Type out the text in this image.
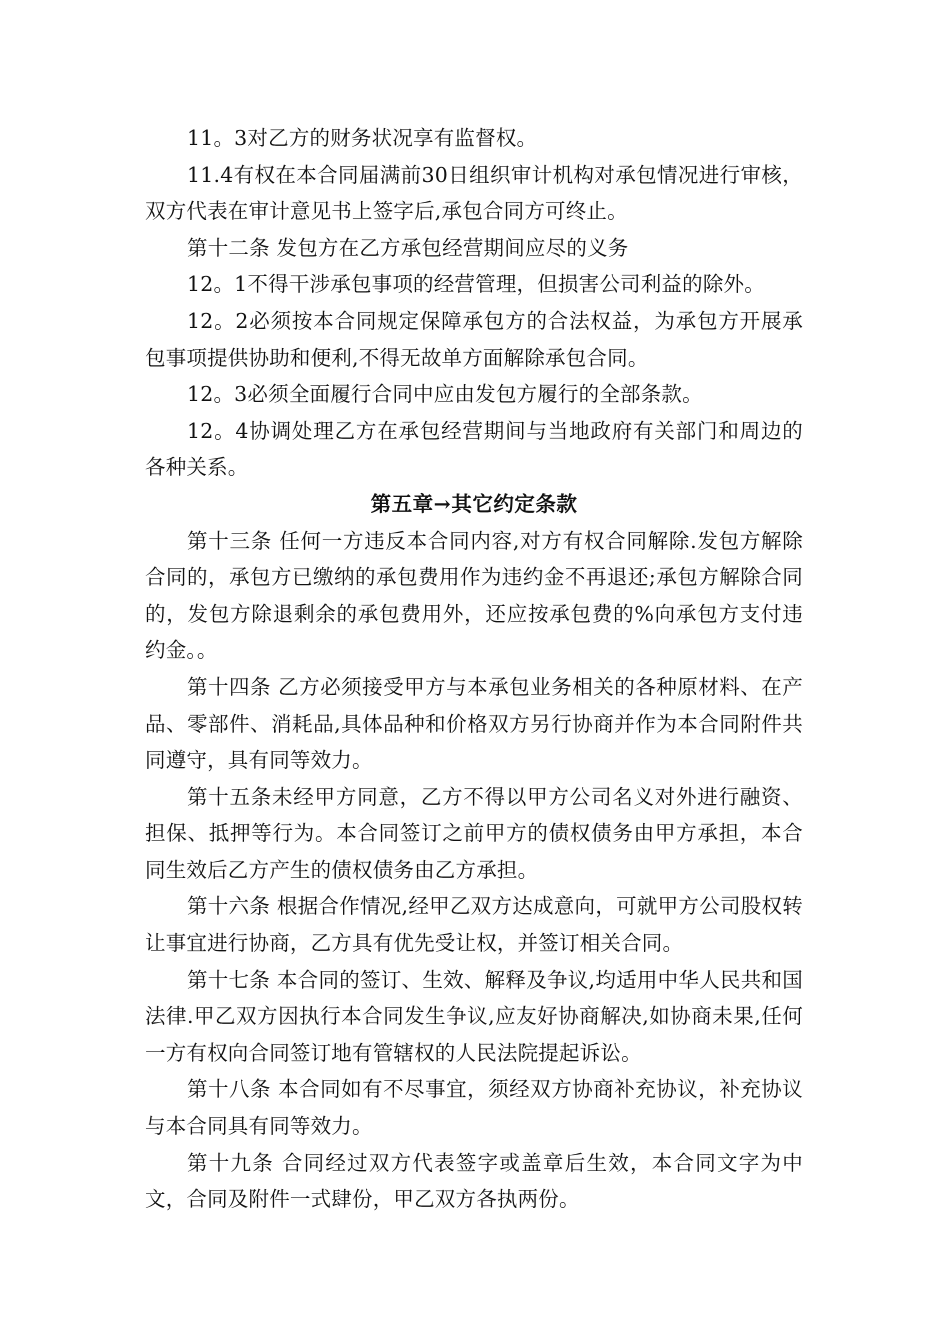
11。3对乙方的财务状况享有监督权。

11.4有权在本合同届满前30日组织审计机构对承包情况进行审核，双方代表在审计意见书上签字后,承包合同方可终止。

第十二条 发包方在乙方承包经营期间应尽的义务

12。1不得干涉承包事项的经营管理，但损害公司利益的除外。

12。2必须按本合同规定保障承包方的合法权益，为承包方开展承包事项提供协助和便利,不得无故单方面解除承包合同。

12。3必须全面履行合同中应由发包方履行的全部条款。

12。4协调处理乙方在承包经营期间与当地政府有关部门和周边的各种关系。

第五章→其它约定条款

第十三条 任何一方违反本合同内容,对方有权合同解除.发包方解除合同的，承包方已缴纳的承包费用作为违约金不再退还;承包方解除合同的，发包方除退剩余的承包费用外，还应按承包费的%向承包方支付违约金。。

第十四条 乙方必须接受甲方与本承包业务相关的各种原材料、在产品、零部件、消耗品,具体品种和价格双方另行协商并作为本合同附件共同遵守，具有同等效力。

第十五条未经甲方同意，乙方不得以甲方公司名义对外进行融资、担保、抵押等行为。本合同签订之前甲方的债权债务由甲方承担，本合同生效后乙方产生的债权债务由乙方承担。

第十六条 根据合作情况,经甲乙双方达成意向，可就甲方公司股权转让事宜进行协商，乙方具有优先受让权，并签订相关合同。

第十七条 本合同的签订、生效、解释及争议,均适用中华人民共和国法律.甲乙双方因执行本合同发生争议,应友好协商解决,如协商未果,任何一方有权向合同签订地有管辖权的人民法院提起诉讼。

第十八条 本合同如有不尽事宜，须经双方协商补充协议，补充协议与本合同具有同等效力。

第十九条 合同经过双方代表签字或盖章后生效，本合同文字为中文，合同及附件一式肆份，甲乙双方各执两份。
